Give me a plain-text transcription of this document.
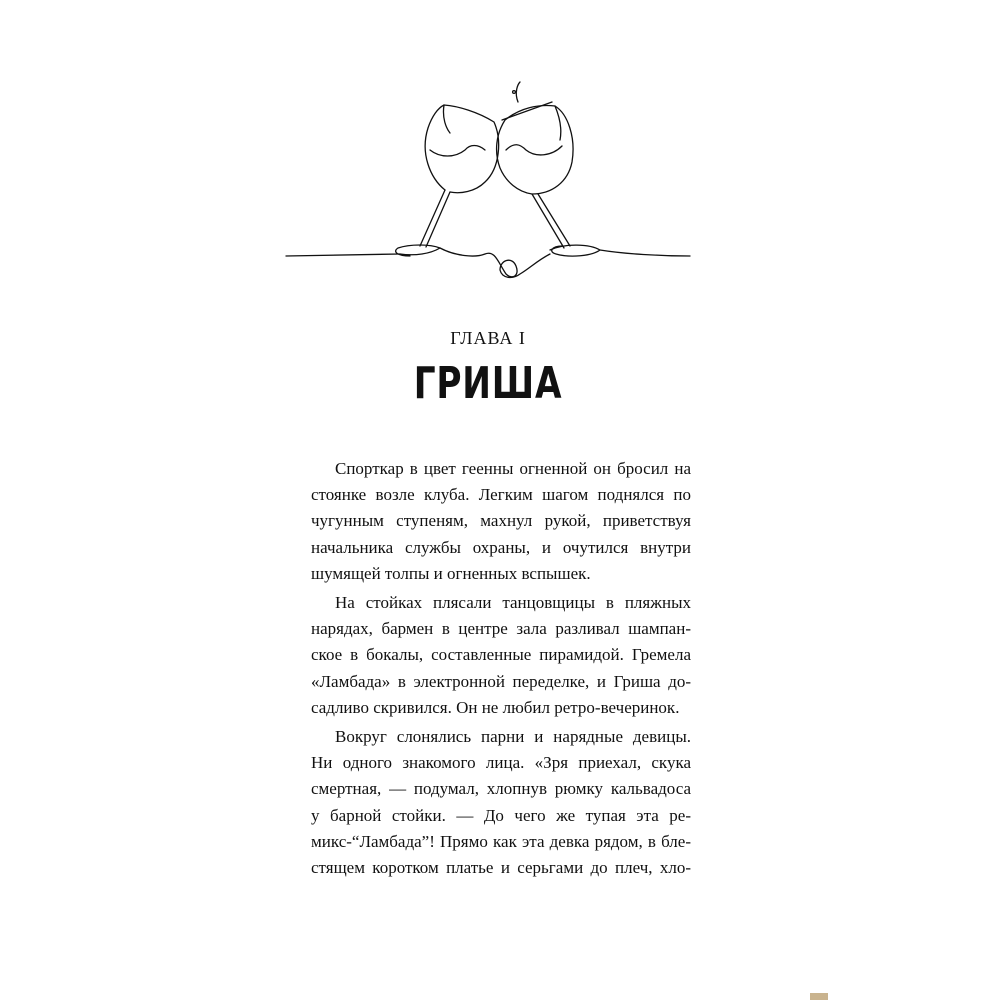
ГЛАВА I
ГРИША

Спорткар в цвет геенны огненной он бросил на
стоянке возле клуба. Легким шагом поднялся по
чугунным ступеням, махнул рукой, приветствуя
начальника службы охраны, и очутился внутри
шумящей толпы и огненных вспышек.

На стойках плясали танцовщицы в пляжных
нарядах, бармен в центре зала разливал шампан-
ское в бокалы, составленные пирамидой. Гремела
«Ламбада» в электронной переделке, и Гриша до-
садливо скривился. Он не любил ретро-вечеринок.

Вокруг слонялись парни и нарядные девицы.
Ни одного знакомого лица. «Зря приехал, скука
смертная, — подумал, хлопнув рюмку кальвадоса
у барной стойки. — До чего же тупая эта ре-
микс-“Ламбада”! Прямо как эта девка рядом, в бле-
стящем коротком платье и серьгами до плеч, хло-
